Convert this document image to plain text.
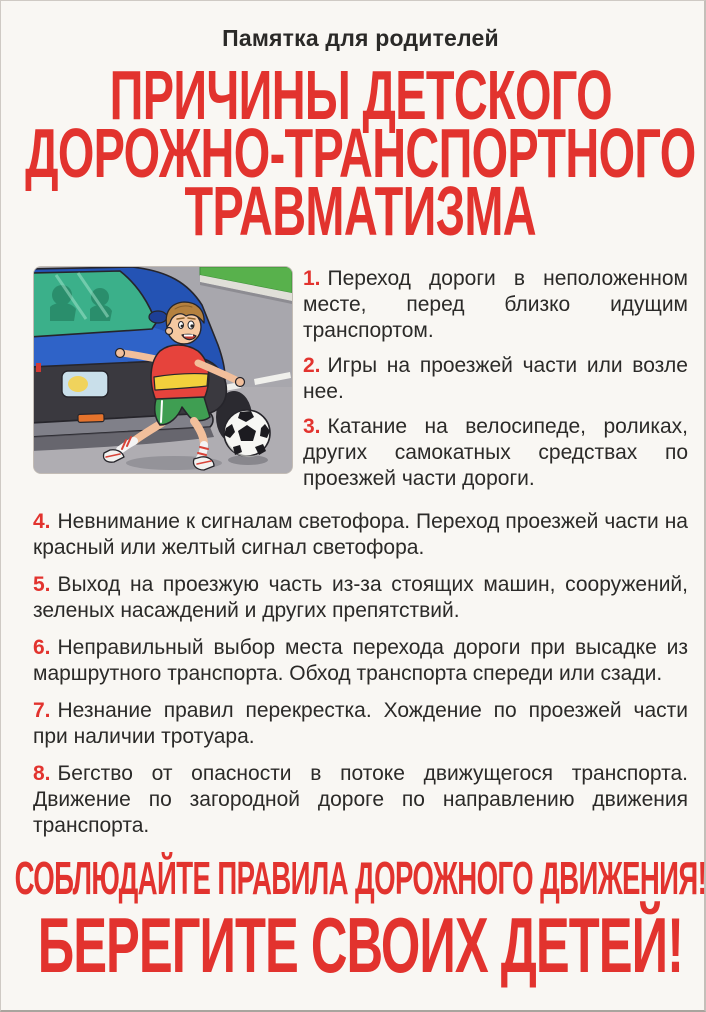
Памятка для родителей
ПРИЧИНЫ ДЕТСКОГО
ДОРОЖНО-ТРАНСПОРТНОГО
ТРАВМАТИЗМА

1. Переход дороги в неположенном месте, перед близко идущим транспортом.

2. Игры на проезжей части или возле нее.

3. Катание на велосипеде, роликах, других самокатных средствах по проезжей части дороги.

4. Невнимание к сигналам светофора. Переход проезжей части на красный или желтый сигнал светофора.

5. Выход на проезжую часть из-за стоящих машин, сооружений, зеленых насаждений и других препятствий.

6. Неправильный выбор места перехода дороги при высадке из маршрутного транспорта. Обход транспорта спереди или сзади.

7. Незнание правил перекрестка. Хождение по проезжей части при наличии тротуара.

8. Бегство от опасности в потоке движущегося транспорта. Движение по загородной дороге по направлению движения транспорта.

СОБЛЮДАЙТЕ ПРАВИЛА ДОРОЖНОГО ДВИЖЕНИЯ!
БЕРЕГИТЕ СВОИХ ДЕТЕЙ!
